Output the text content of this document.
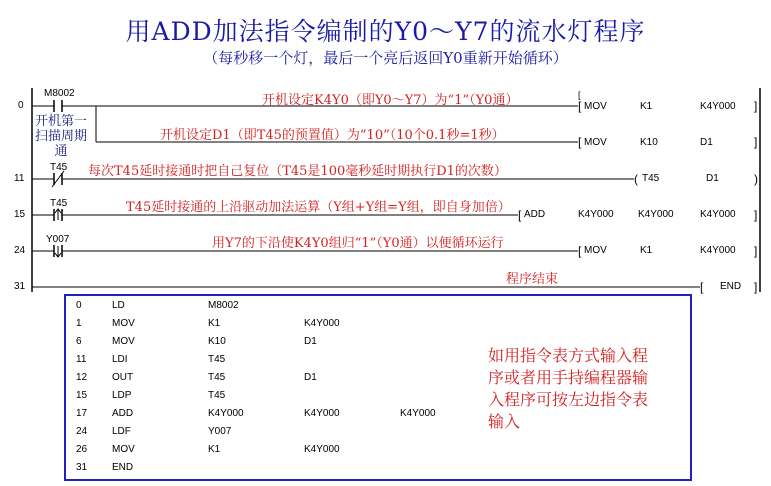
用ADD加法指令编制的Y0～Y7的流水灯程序
（每秒移一个灯，最后一个亮后返回Y0重新开始循环）
[
[
[
]
]
(	)
[	]
[	]
[	]
0
11
15
24
31
M8002
T45
T45
Y007
开机第一扫描周期通
开机设定K4Y0（即Y0～Y7）为“1”（Y0通）
开机设定D1（即T45的预置值）为“10”（10个0.1秒=1秒）
每次T45延时接通时把自己复位（T45是100毫秒延时期执行D1的次数）
T45延时接通的上沿驱动加法运算（Y组+Y组=Y组，即自身加倍）
用Y7的下沿使K4Y0组归“1”（Y0通）以便循环运行
程序结束
MOV	K1	K4Y000
MOV	K10	D1
T45	D1
ADD	K4Y000 K4Y000	K4Y000
MOV	K1	K4Y000
END
0	LD	M8002
1	MOV	K1	K4Y000
6	MOV	K10	D1
11	LDI	T45
12 OUT	T45	D1
15 LDP	T45
17 ADD	K4Y000	K4Y000	K4Y000
24 LDF	Y007
26 MOV	K1	K4Y000
31 END
如用指令表方式输入程序或者用手持编程器输入程序可按左边指令表输入
